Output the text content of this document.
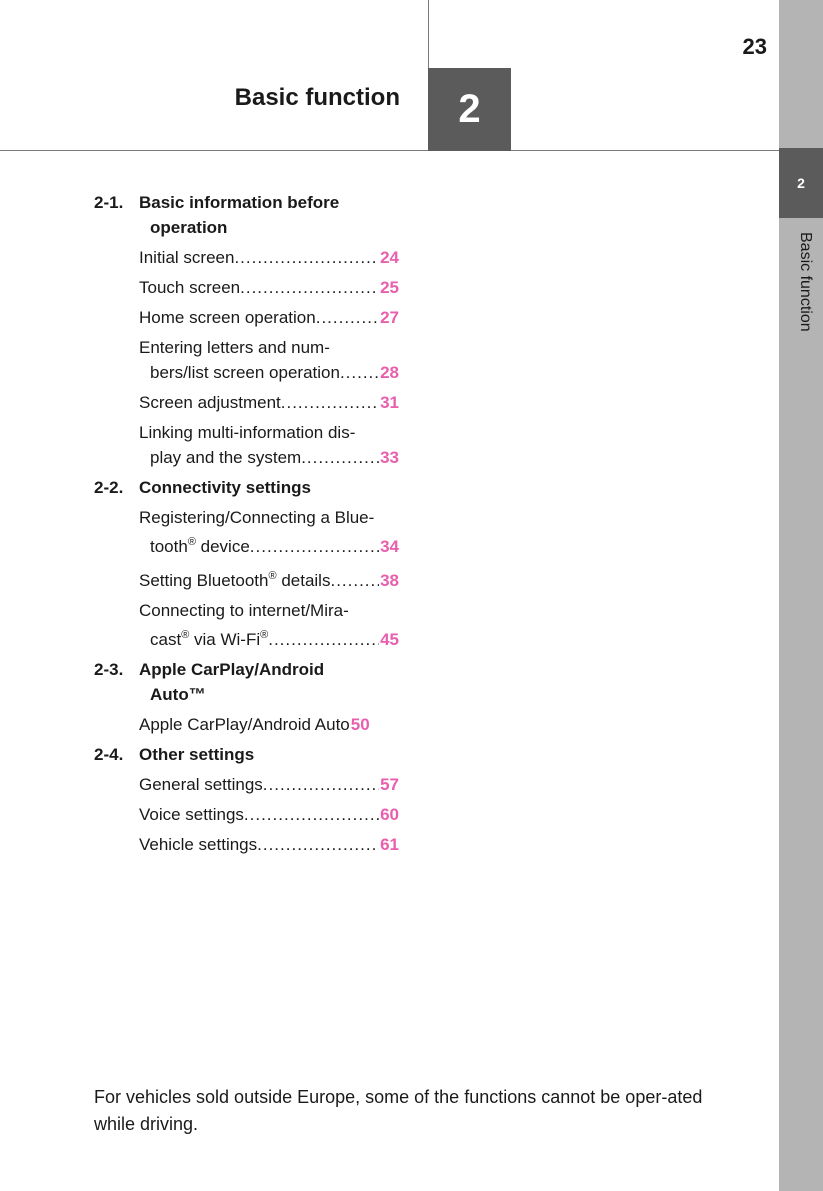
23
Basic function	2
2
Basic function
2-1. Basic information before
operation
Initial screen .....	24
Touch screen .....	25
Home screen operation .....	27
Entering letters and num-
bers/list screen operation ..... 28
Screen adjustment .....	31
Linking multi-information dis-
play and the system .....	33
2-2. Connectivity settings
Registering/Connecting a Blue-
tooth® device .....	34
Setting Bluetooth® details .....	38
Connecting to internet/Mira-
cast® via Wi-Fi® .....	45
2-3. Apple CarPlay/Android
Auto™
Apple CarPlay/Android Auto 50
2-4. Other settings
General settings .....	57
Voice settings .....	60
Vehicle settings .....	61
For vehicles sold outside Europe, some of the functions cannot be oper-ated while driving.
